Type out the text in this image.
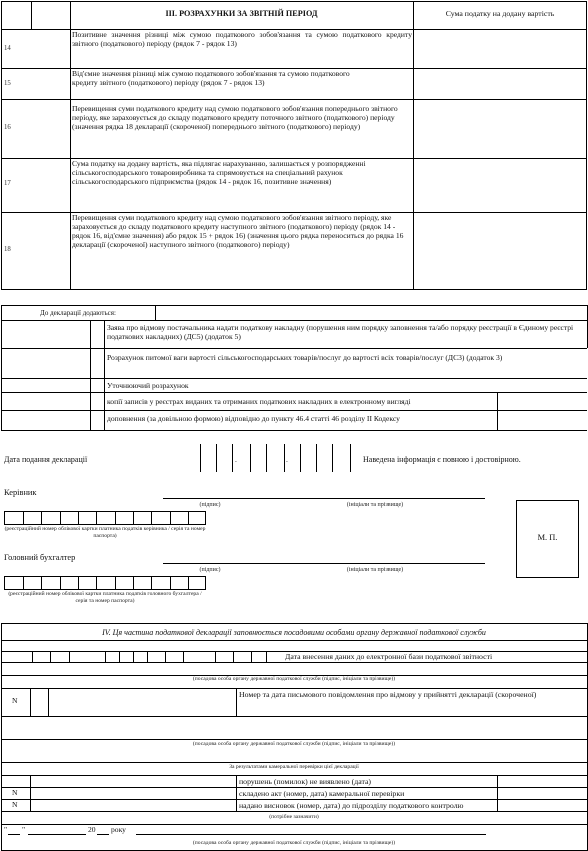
III. РОЗРАХУНКИ ЗА ЗВІТНІЙ ПЕРІОД	Сума податку на додану вартість
14
Позитивне значення різниці між сумою податкового зобов'язання та сумою податкового кредиту звітного (податкового) періоду (рядок 7 - рядок 13)
15
Від'ємне значення різниці між сумою податкового зобов'язання та сумою податкового кредиту звітного (податкового) періоду (рядок 7 - рядок 13)
16
Перевищення суми податкового кредиту над сумою податкового зобов'язання попереднього звітного періоду, яке зараховується до складу податкового кредиту поточного звітного (податкового) періоду (значення рядка 18 декларації (скороченої) попереднього звітного (податкового) періоду)
17
Сума податку на додану вартість, яка підлягає нарахуванню, залишається у розпорядженні сільськогосподарського товаровиробника та спрямовується на спеціальний рахунок сільськогосподарського підприємства (рядок 14 - рядок 16, позитивне значення)
18
Перевищення суми податкового кредиту над сумою податкового зобов'язання звітного періоду, яке зараховується до складу податкового кредиту наступного звітного (податкового) періоду (рядок 14 - рядок 16, від'ємне значення) або рядок 15 + рядок 16) (значення цього рядка переноситься до рядка 16 декларації (скороченої) наступного звітного (податкового) періоду)
До декларації додаються:
Заява про відмову постачальника надати податкову накладну (порушення ним порядку заповнення та/або порядку реєстрації в Єдиному реєстрі податкових накладних) (ДС5) (додаток 5)
Розрахунок питомої ваги вартості сільськогосподарських товарів/послуг до вартості всіх товарів/послуг (ДС3) (додаток 3)
Уточнюючий розрахунок
копії записів у реєстрах виданих та отриманих податкових накладних в електронному вигляді
доповнення (за довільною формою) відповідно до пункту 46.4 статті 46 розділу II Кодексу
Дата подання декларації	.	.	Наведена інформація є повною і достовірною.
Керівник
(підпис)	(ініціали та прізвище)
(реєстраційний номер облікової картки платника податків керівника / серія та номер паспорта)	М. П.
Головний бухгалтер
(підпис)	(ініціали та прізвище)
(реєстраційний номер облікової картки платника податків головного бухгалтера / серія та номер паспорта)
IV. Ця частина податкової декларації заповнюється посадовими особами органу державної податкової служби
Дата внесення даних до електронної бази податкової звітності
(посадова особа органу державної податкової служби (підпис, ініціали та прізвище))
N
Номер та дата письмового повідомлення про відмову у прийнятті декларації (скороченої)
(посадова особа органу державної податкової служби (підпис, ініціали та прізвище))
За результатами камеральної перевірки цієї декларації
порушень (помилок) не виявлено (дата)
N	складено акт (номер, дата) камеральної перевірки
N	надано висновок (номер, дата) до підрозділу податкового контролю
(потрібне зазначити)
" "	20 року
(посадова особа органу державної податкової служби (підпис, ініціали та прізвище))
